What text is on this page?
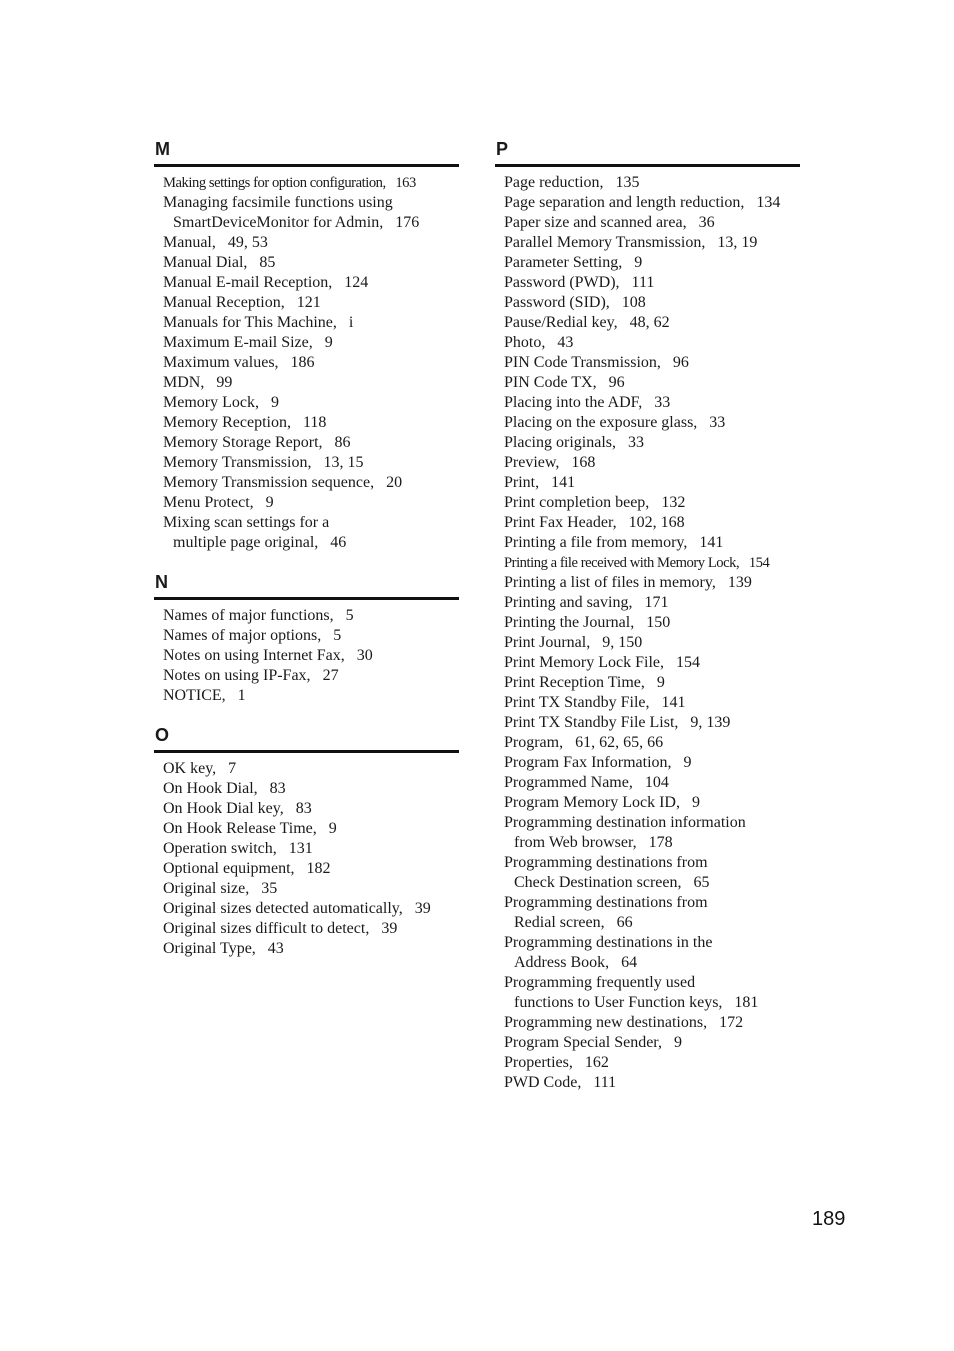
M
Making settings for option configuration, 163
Managing facsimile functions using
SmartDeviceMonitor for Admin, 176
Manual, 49, 53
Manual Dial, 85
Manual E-mail Reception, 124
Manual Reception, 121
Manuals for This Machine, i
Maximum E-mail Size, 9
Maximum values, 186
MDN, 99
Memory Lock, 9
Memory Reception, 118
Memory Storage Report, 86
Memory Transmission, 13, 15
Memory Transmission sequence, 20
Menu Protect, 9
Mixing scan settings for a
multiple page original, 46
N
Names of major functions, 5
Names of major options, 5
Notes on using Internet Fax, 30
Notes on using IP-Fax, 27
NOTICE, 1
O
OK key, 7
On Hook Dial, 83
On Hook Dial key, 83
On Hook Release Time, 9
Operation switch, 131
Optional equipment, 182
Original size, 35
Original sizes detected automatically, 39
Original sizes difficult to detect, 39
Original Type, 43
P
Page reduction, 135
Page separation and length reduction, 134
Paper size and scanned area, 36
Parallel Memory Transmission, 13, 19
Parameter Setting, 9
Password (PWD), 111
Password (SID), 108
Pause/Redial key, 48, 62
Photo, 43
PIN Code Transmission, 96
PIN Code TX, 96
Placing into the ADF, 33
Placing on the exposure glass, 33
Placing originals, 33
Preview, 168
Print, 141
Print completion beep, 132
Print Fax Header, 102, 168
Printing a file from memory, 141
Printing a file received with Memory Lock, 154
Printing a list of files in memory, 139
Printing and saving, 171
Printing the Journal, 150
Print Journal, 9, 150
Print Memory Lock File, 154
Print Reception Time, 9
Print TX Standby File, 141
Print TX Standby File List, 9, 139
Program, 61, 62, 65, 66
Program Fax Information, 9
Programmed Name, 104
Program Memory Lock ID, 9
Programming destination information
from Web browser, 178
Programming destinations from
Check Destination screen, 65
Programming destinations from
Redial screen, 66
Programming destinations in the
Address Book, 64
Programming frequently used
functions to User Function keys, 181
Programming new destinations, 172
Program Special Sender, 9
Properties, 162
PWD Code, 111
189
